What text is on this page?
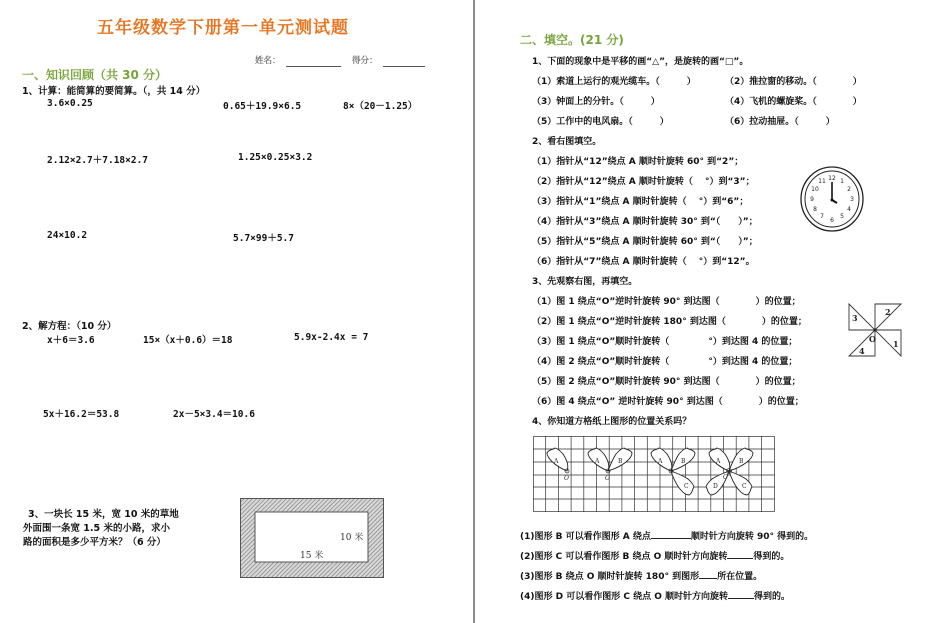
五年级数学下册第一单元测试题
姓名：	得分：
一、知识回顾（共 30 分）
1、计算：能简算的要简算。（，共 14 分）
3.6×0.25	0.65＋19.9×6.5	8×（20－1.25）
2.12×2.7＋7.18×2.7	1.25×0.25×3.2
24×10.2	5.7×99＋5.7
2、解方程：（10 分）
x＋6＝3.6	15×（x＋0.6）＝18	5.9x-2.4x = 7
5x＋16.2＝53.8	2x－5×3.4＝10.6
3、一块长 15 米，宽 10 米的草地
外面围一条宽 1.5 米的小路，求小
路的面积是多少平方米？（6 分）	10 米
15 米
二、填空。(21 分)
1、下面的现象中是平移的画“△”，是旋转的画“□”。
（1）索道上运行的观光缆车。（　　　）	（2）推拉窗的移动。（　　　　）
（3）钟面上的分针。（　　　）	（4）飞机的螺旋桨。（　　　　）
（5）工作中的电风扇。（　　　）	（6）拉动抽屉。（　　　）
2、看右图填空。
（1）指针从“12”绕点 A 顺时针旋转 60° 到“2”；
（2）指针从“12”绕点 A 顺时针旋转（　 °）到“3”；
（3）指针从“1”绕点 A 顺时针旋转（　 °）到“6”；
（4）指针从“3”绕点 A 顺时针旋转 30° 到“（　　）”；
（5）指针从“5”绕点 A 顺时针旋转 60° 到“（　　）”；
（6）指针从“7”绕点 A 顺时针旋转（　 °）到“12”。
12 1
2
3
4
5
6
7
8
9
10
11
3、先观察右图，再填空。
（1）图 1 绕点“O”逆时针旋转 90° 到达图（　　　　）的位置；
（2）图 1 绕点“O”逆时针旋转 180° 到达图（　　　　）的位置；
（3）图 1 绕点“O”顺时针旋转（　　　　 °）到达图 4 的位置；
（4）图 2 绕点“O”顺时针旋转（　　　　 °）到达图 4 的位置；
（5）图 2 绕点“O”顺时针旋转 90° 到达图（　　　　）的位置；
（6）图 4 绕点“O” 逆时针旋转 90° 到达图（　　　　）的位置；
2
3
1
4
O
4、你知道方格纸上图形的位置关系吗？
A
O
A	B
O
A	B
C
A	B
C
D
O
(1)图形 B 可以看作图形 A 绕点	顺时针方向旋转 90° 得到的。
(2)图形 C 可以看作图形 B 绕点 O 顺时针方向旋转	得到的。
(3)图形 B 绕点 O 顺时针旋转 180° 到图形 所在位置。
(4)图形 D 可以看作图形 C 绕点 O 顺时针方向旋转	得到的。
